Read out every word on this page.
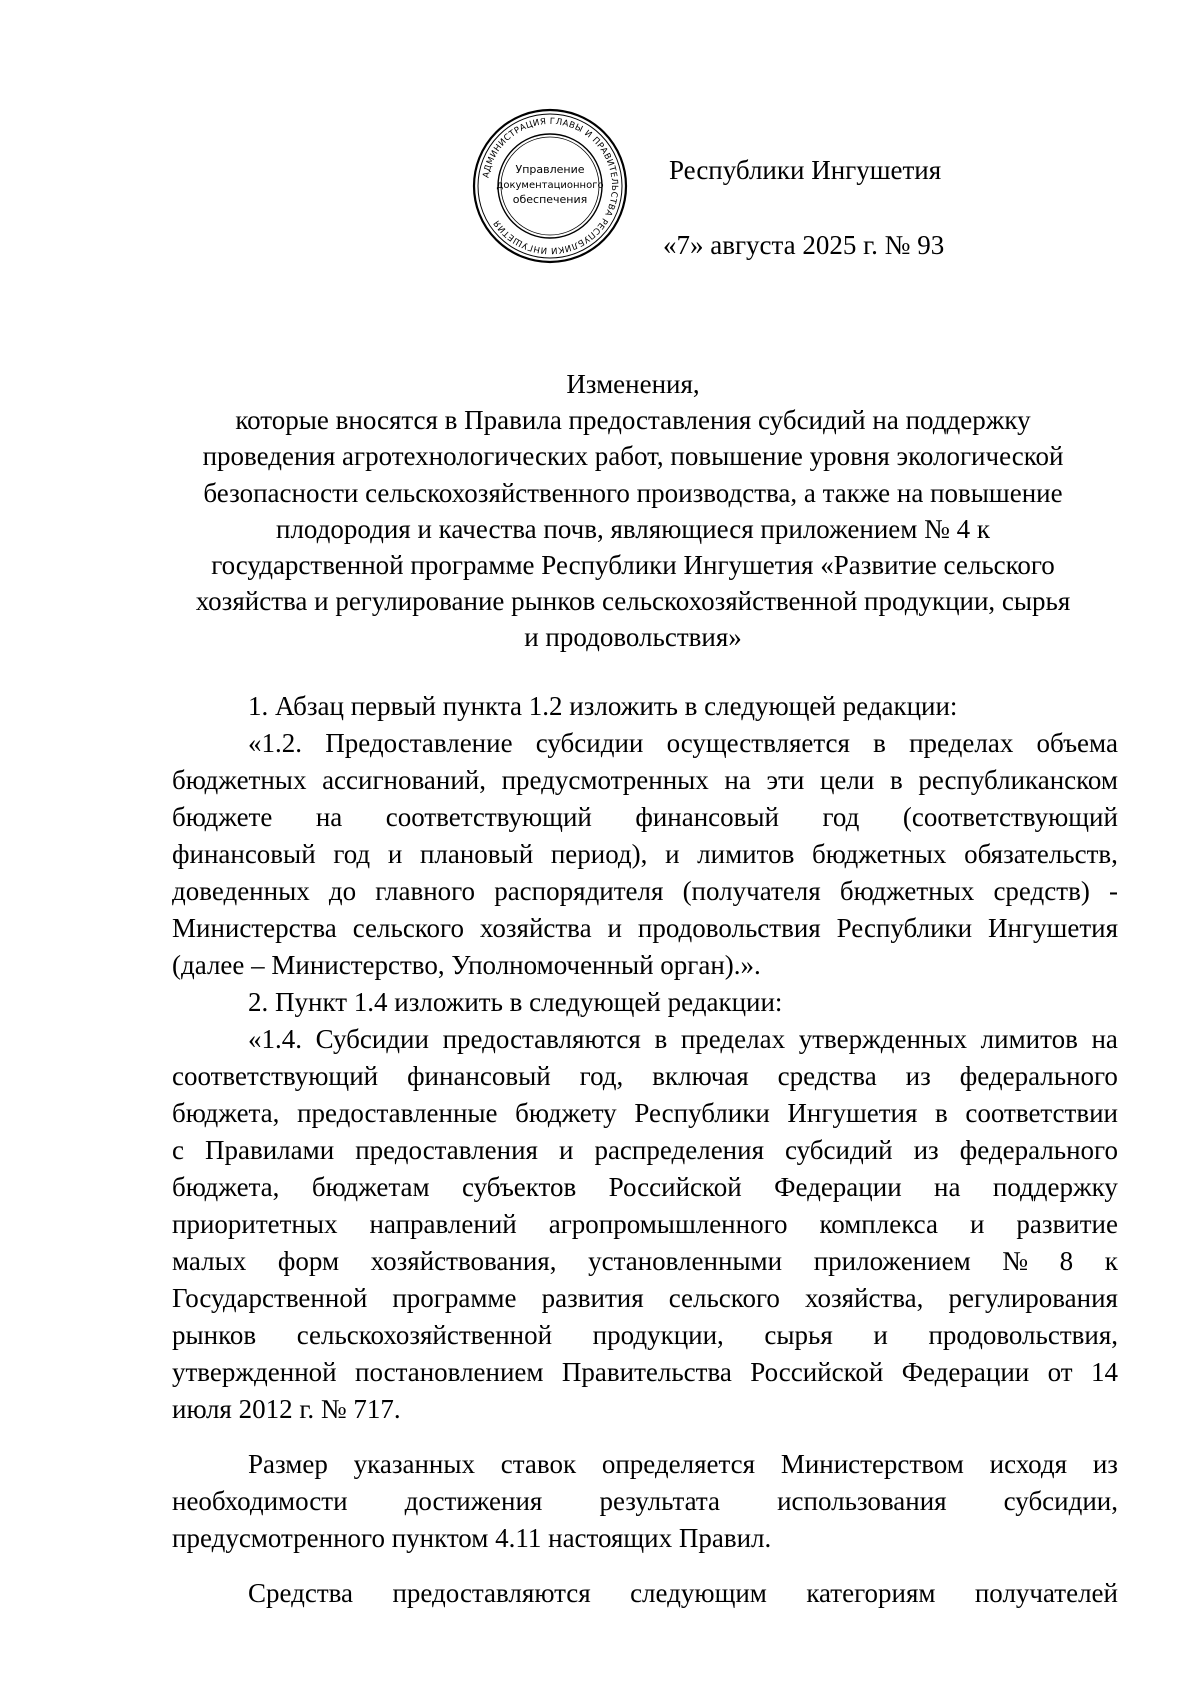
АДМИНИСТРАЦИЯ ГЛАВЫ И ПРАВИТЕЛЬСТВА РЕСПУБЛИКИ ИНГУШЕТИЯ
Управление
документационного
обеспечения
Республики Ингушетия
«7» августа 2025 г. № 93
Изменения,
которые вносятся в Правила предоставления субсидий на поддержку
проведения агротехнологических работ, повышение уровня экологической
безопасности сельскохозяйственного производства, а также на повышение
плодородия и качества почв, являющиеся приложением № 4 к
государственной программе Республики Ингушетия «Развитие сельского
хозяйства и регулирование рынков сельскохозяйственной продукции, сырья
и продовольствия»
1. Абзац первый пункта 1.2 изложить в следующей редакции:
«1.2. Предоставление субсидии осуществляется в пределах объема
бюджетных ассигнований, предусмотренных на эти цели в республиканском
бюджете на соответствующий финансовый год (соответствующий
финансовый год и плановый период), и лимитов бюджетных обязательств,
доведенных до главного распорядителя (получателя бюджетных средств) -
Министерства сельского хозяйства и продовольствия Республики Ингушетия
(далее – Министерство, Уполномоченный орган).».
2. Пункт 1.4 изложить в следующей редакции:
«1.4. Субсидии предоставляются в пределах утвержденных лимитов на
соответствующий финансовый год, включая средства из федерального
бюджета, предоставленные бюджету Республики Ингушетия в соответствии
с Правилами предоставления и распределения субсидий из федерального
бюджета, бюджетам субъектов Российской Федерации на поддержку
приоритетных направлений агропромышленного комплекса и развитие
малых форм хозяйствования, установленными приложением № 8 к
Государственной программе развития сельского хозяйства, регулирования
рынков сельскохозяйственной продукции, сырья и продовольствия,
утвержденной постановлением Правительства Российской Федерации от 14
июля 2012 г. № 717.
Размер указанных ставок определяется Министерством исходя из
необходимости достижения результата использования субсидии,
предусмотренного пунктом 4.11 настоящих Правил.
Средства предоставляются следующим категориям получателей
